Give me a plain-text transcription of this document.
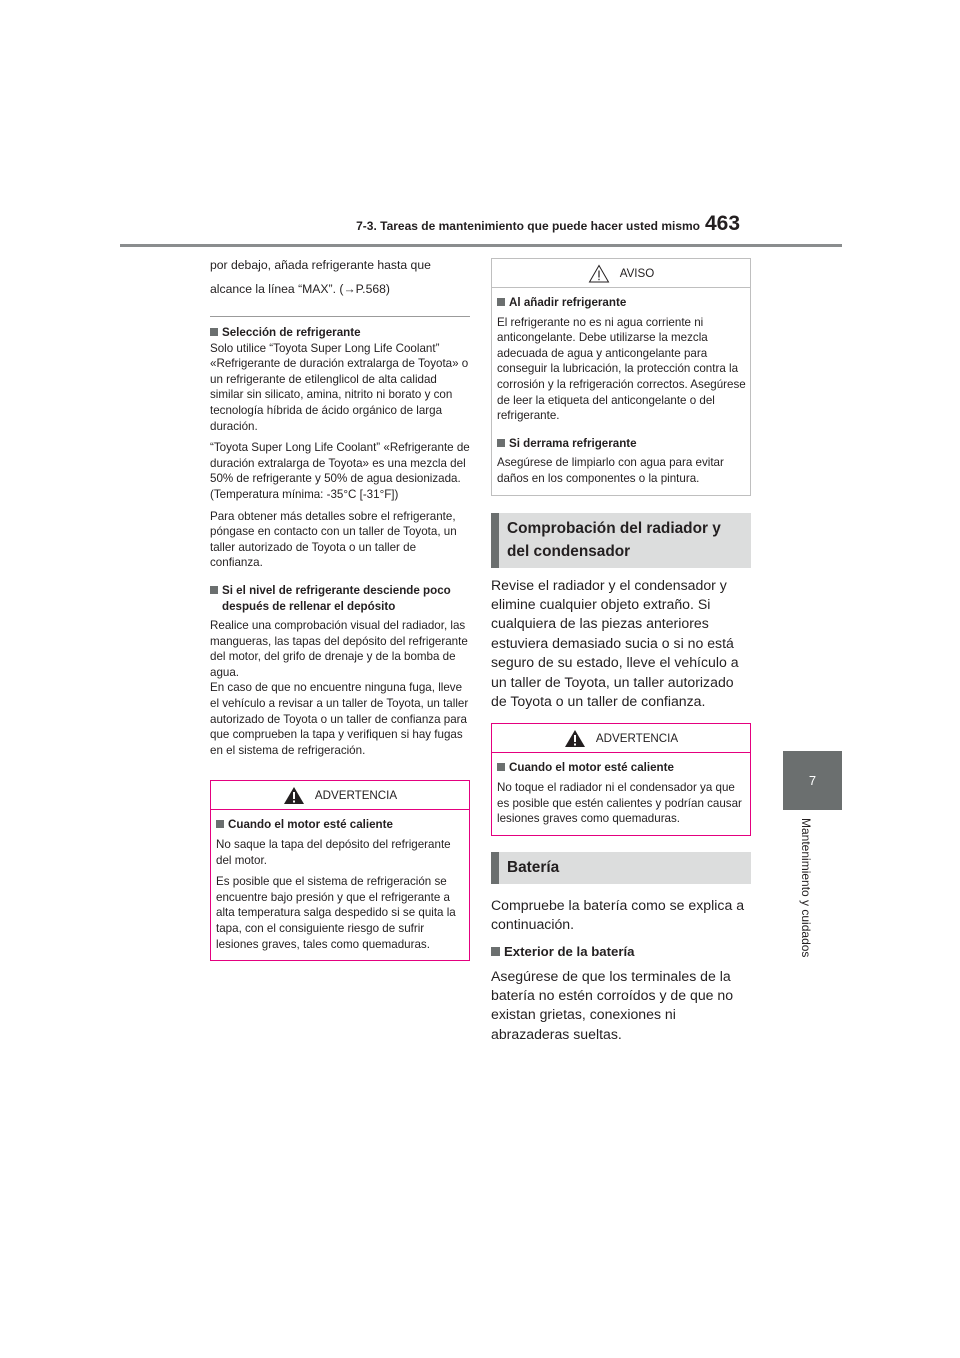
7-3. Tareas de mantenimiento que puede hacer usted mismo 463
7
Mantenimiento y cuidados

por debajo, añada refrigerante hasta que

alcance la línea “MAX”. (→P.568)

Selección de refrigerante

Solo utilice “Toyota Super Long Life Coolant” «Refrigerante de duración extralarga de Toyota» o un refrigerante de etilenglicol de alta calidad similar sin silicato, amina, nitrito ni borato y con tecnología híbrida de ácido orgánico de larga duración.

“Toyota Super Long Life Coolant” «Refrigerante de duración extralarga de Toyota» es una mezcla del 50% de refrigerante y 50% de agua desionizada. (Temperatura mínima: -35°C [-31°F])

Para obtener más detalles sobre el refrigerante, póngase en contacto con un taller de Toyota, un taller autorizado de Toyota o un taller de confianza.

Si el nivel de refrigerante desciende poco después de rellenar el depósito

Realice una comprobación visual del radiador, las mangueras, las tapas del depósito del refrigerante del motor, del grifo de drenaje y de la bomba de agua.

En caso de que no encuentre ninguna fuga, lleve el vehículo a revisar a un taller de Toyota, un taller autorizado de Toyota o un taller de confianza para que comprueben la tapa y verifiquen si hay fugas en el sistema de refrigeración.

ADVERTENCIA
Cuando el motor esté caliente

No saque la tapa del depósito del refrigerante del motor.

Es posible que el sistema de refrigeración se encuentre bajo presión y que el refrigerante a alta temperatura salga despedido si se quita la tapa, con el consiguiente riesgo de sufrir lesiones graves, tales como quemaduras.

AVISO
Al añadir refrigerante

El refrigerante no es ni agua corriente ni anticongelante. Debe utilizarse la mezcla adecuada de agua y anticongelante para conseguir la lubricación, la protección contra la corrosión y la refrigeración correctos. Asegúrese de leer la etiqueta del anticongelante o del refrigerante.

Si derrama refrigerante

Asegúrese de limpiarlo con agua para evitar daños en los componentes o la pintura.

Comprobación del radiador y del condensador

Revise el radiador y el condensador y elimine cualquier objeto extraño. Si cualquiera de las piezas anteriores estuviera demasiado sucia o si no está seguro de su estado, lleve el vehículo a un taller de Toyota, un taller autorizado de Toyota o un taller de confianza.

ADVERTENCIA
Cuando el motor esté caliente

No toque el radiador ni el condensador ya que es posible que estén calientes y podrían causar lesiones graves como quemaduras.

Batería

Compruebe la batería como se explica a continuación.

Exterior de la batería

Asegúrese de que los terminales de la batería no estén corroídos y de que no existan grietas, conexiones ni abrazaderas sueltas.
